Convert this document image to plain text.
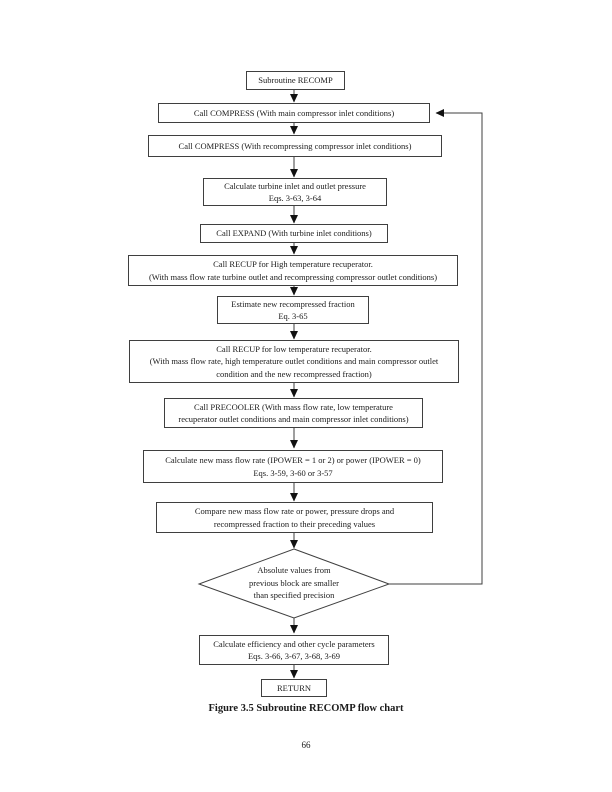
Subroutine RECOMP
Call COMPRESS (With main compressor inlet conditions)
Call COMPRESS (With recompressing compressor inlet conditions)
Calculate turbine inlet and outlet pressure
Eqs. 3-63, 3-64
Call EXPAND (With turbine inlet conditions)
Call RECUP for High temperature recuperator.
(With mass flow rate turbine outlet and recompressing compressor outlet conditions)
Estimate new recompressed fraction
Eq. 3-65
Call RECUP for low temperature recuperator.
(With mass flow rate, high temperature outlet conditions and main compressor outlet
condition and the new recompressed fraction)
Call PRECOOLER (With mass flow rate, low temperature
recuperator outlet conditions and main compressor inlet conditions)
Calculate new mass flow rate (IPOWER = 1 or 2) or power (IPOWER = 0)
Eqs. 3-59, 3-60 or 3-57
Compare new mass flow rate or power, pressure drops and
recompressed fraction to their preceding values
Absolute values from
previous block are smaller
than specified precision
Calculate efficiency and other cycle parameters
Eqs. 3-66, 3-67, 3-68, 3-69
RETURN
Figure 3.5 Subroutine RECOMP flow chart
66
